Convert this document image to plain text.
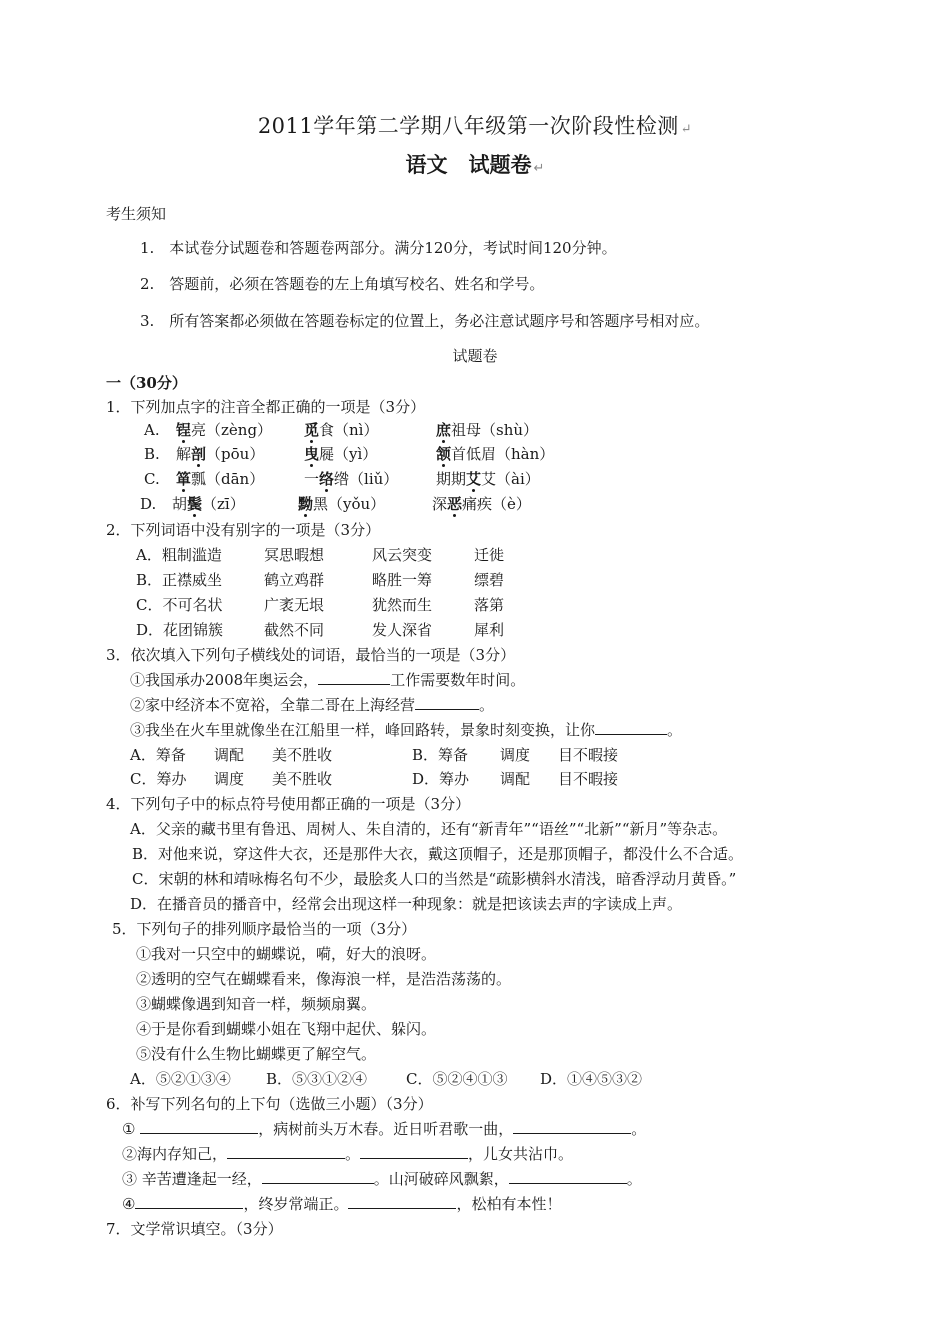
2011学年第二学期八年级第一次阶段性检测 ↵
语文　试题卷 ↵
考生须知
1.　本试卷分试题卷和答题卷两部分。满分120分，考试时间120分钟。
2.　答题前，必须在答题卷的左上角填写校名、姓名和学号。
3.　所有答案都必须做在答题卷标定的位置上，务必注意试题序号和答题序号相对应。
试题卷
一（30分）
1．下列加点字的注音全都正确的一项是（3分）
A. 锃亮（zèng） 觅食（nì）	庶祖母（shù）
B. 解剖（pōu）	曳屣（yì）	颔首低眉（hàn）
C. 箪瓢（dān）	一络绺（liǔ）	期期艾艾（ài）
D. 胡鬓（zī）	黝黑（yǒu）	深恶痛疾（è）
2．下列词语中没有别字的一项是（3分）
A．粗制滥造	冥思暇想	风云突变	迁徙
B．正襟威坐	鹤立鸡群	略胜一筹	缥碧
C．不可名状	广袤无垠	犹然而生	落第
D．花团锦簇	截然不同	发人深省	犀利
3．依次填入下列句子横线处的词语，最恰当的一项是（3分）
①我国承办2008年奥运会，	工作需要数年时间。
②家中经济本不宽裕，全靠二哥在上海经营	。
③我坐在火车里就像坐在江船里一样，峰回路转，景象时刻变换，让你	。
A．筹备 调配 美不胜收	B．筹备 调度 目不暇接
C．筹办 调度 美不胜收	D．筹办 调配 目不暇接
4．下列句子中的标点符号使用都正确的一项是（3分）
A．父亲的藏书里有鲁迅、周树人、朱自清的，还有“新青年”“语丝”“北新”“新月”等杂志。
B．对他来说，穿这件大衣，还是那件大衣，戴这顶帽子，还是那顶帽子，都没什么不合适。
C．宋朝的林和靖咏梅名句不少，最脍炙人口的当然是“疏影横斜水清浅，暗香浮动月黄昏。”
D．在播音员的播音中，经常会出现这样一种现象：就是把该读去声的字读成上声。
5．下列句子的排列顺序最恰当的一项（3分）
①我对一只空中的蝴蝶说，嗬，好大的浪呀。
②透明的空气在蝴蝶看来，像海浪一样，是浩浩荡荡的。
③蝴蝶像遇到知音一样，频频扇翼。
④于是你看到蝴蝶小姐在飞翔中起伏、躲闪。
⑤没有什么生物比蝴蝶更了解空气。
A．⑤②①③④ B．⑤③①②④	C．⑤②④①③ D．①④⑤③②
6．补写下列名句的上下句（选做三小题）（3分）
①	，病树前头万木春。近日听君歌一曲，	。
②海内存知己，	。	，儿女共沾巾。
③ 辛苦遭逢起一经，	。山河破碎风飘絮，	。
④	，终岁常端正。	，松柏有本性！
7．文学常识填空。（3分）
